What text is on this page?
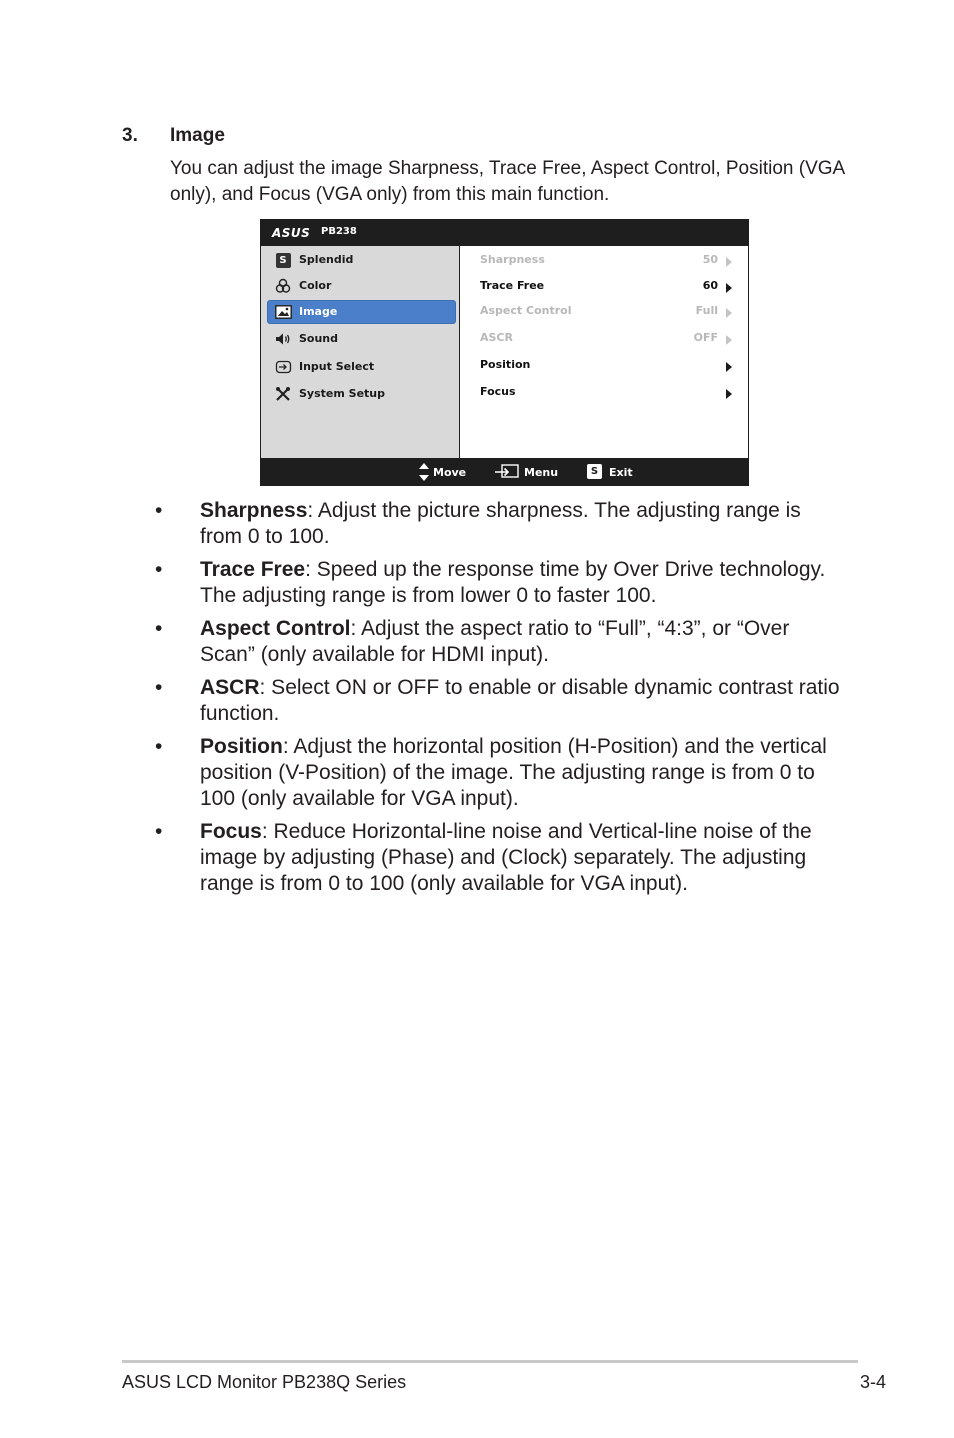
3. Image
You can adjust the image Sharpness, Trace Free, Aspect Control, Position (VGA only), and Focus (VGA only) from this main function.
ASUS PB238
S	Splendid
Color
Image
Sound
Input Select
System Setup
Sharpness	50
Trace Free	60
Aspect Control	Full
ASCR	OFF
Position
Focus
Move	Menu	S Exit
• Sharpness: Adjust the picture sharpness. The adjusting range is from 0 to 100.
• Trace Free: Speed up the response time by Over Drive technology. The adjusting range is from lower 0 to faster 100.
• Aspect Control: Adjust the aspect ratio to “Full”, “4:3”, or “Over Scan” (only available for HDMI input).
• ASCR: Select ON or OFF to enable or disable dynamic contrast ratio function.
• Position: Adjust the horizontal position (H-Position) and the vertical position (V-Position) of the image. The adjusting range is from 0 to 100 (only available for VGA input).
• Focus: Reduce Horizontal-line noise and Vertical-line noise of the image by adjusting (Phase) and (Clock) separately. The adjusting range is from 0 to 100 (only available for VGA input).
ASUS LCD Monitor PB238Q Series	3-4
